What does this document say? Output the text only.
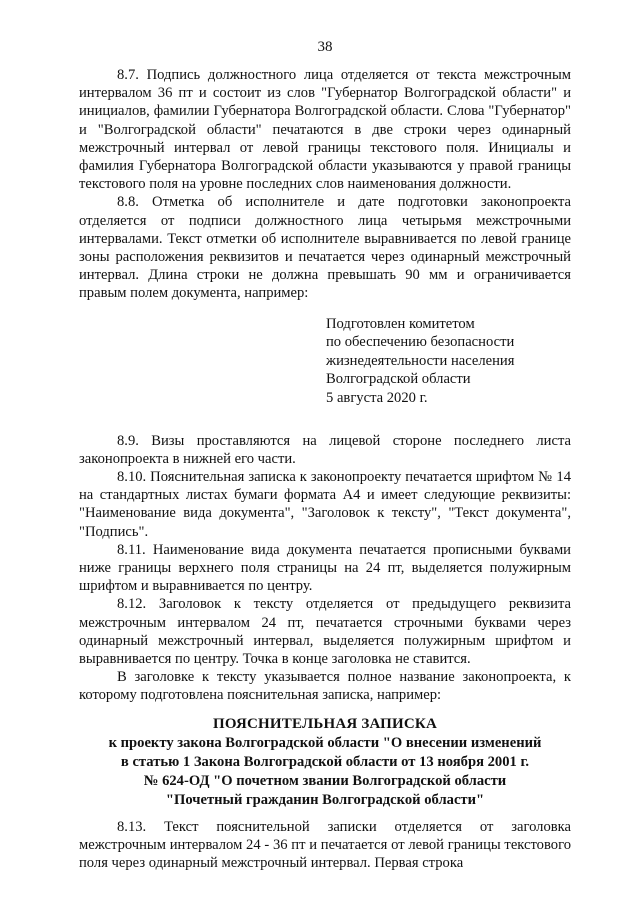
38

8.7. Подпись должностного лица отделяется от текста межстрочным интервалом 36 пт и состоит из слов "Губернатор Волгоградской области" и инициалов, фамилии Губернатора Волгоградской области. Слова "Губернатор" и "Волгоградской области" печатаются в две строки через одинарный межстрочный интервал от левой границы текстового поля. Инициалы и фамилия Губернатора Волгоградской области указываются у правой границы текстового поля на уровне последних слов наименования должности.

8.8. Отметка об исполнителе и дате подготовки законопроекта отделяется от подписи должностного лица четырьмя межстрочными интервалами. Текст отметки об исполнителе выравнивается по левой границе зоны расположения реквизитов и печатается через одинарный межстрочный интервал. Длина строки не должна превышать 90 мм и ограничивается правым полем документа, например:

Подготовлен комитетом
по обеспечению безопасности
жизнедеятельности населения
Волгоградской области
5 августа 2020 г.

8.9. Визы проставляются на лицевой стороне последнего листа законопроекта в нижней его части.

8.10. Пояснительная записка к законопроекту печатается шрифтом № 14 на стандартных листах бумаги формата А4 и имеет следующие реквизиты: "Наименование вида документа", "Заголовок к тексту", "Текст документа", "Подпись".

8.11. Наименование вида документа печатается прописными буквами ниже границы верхнего поля страницы на 24 пт, выделяется полужирным шрифтом и выравнивается по центру.

8.12. Заголовок к тексту отделяется от предыдущего реквизита межстрочным интервалом 24 пт, печатается строчными буквами через одинарный межстрочный интервал, выделяется полужирным шрифтом и выравнивается по центру. Точка в конце заголовка не ставится.

В заголовке к тексту указывается полное название законопроекта, к которому подготовлена пояснительная записка, например:

ПОЯСНИТЕЛЬНАЯ ЗАПИСКА
к проекту закона Волгоградской области "О внесении изменений
в статью 1 Закона Волгоградской области от 13 ноября 2001 г.
№ 624-ОД "О почетном звании Волгоградской области
"Почетный гражданин Волгоградской области"

8.13. Текст пояснительной записки отделяется от заголовка межстрочным интервалом 24 - 36 пт и печатается от левой границы текстового поля через одинарный межстрочный интервал. Первая строка
